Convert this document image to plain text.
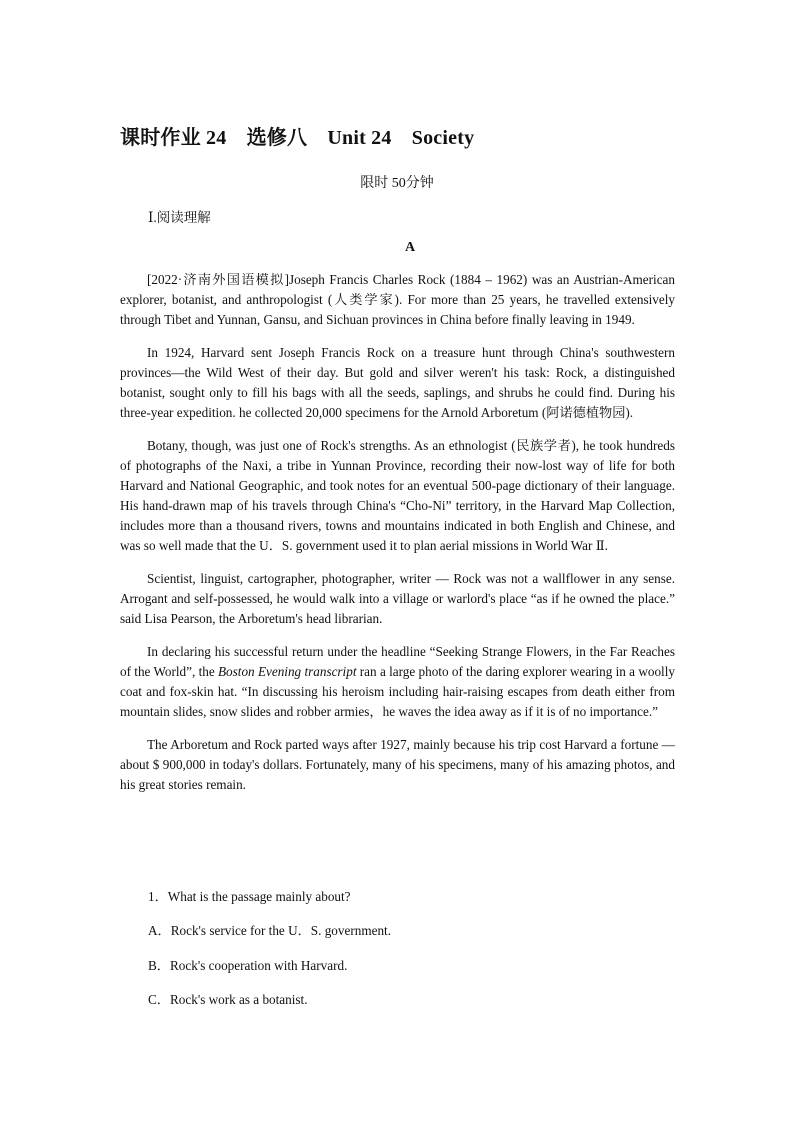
课时作业 24　选修八　Unit 24　Society
限时 50分钟
Ⅰ.阅读理解
A

[2022·济南外国语模拟]Joseph Francis Charles Rock (1884 – 1962) was an Austrian-American explorer, botanist, and anthropologist (人类学家). For more than 25 years, he travelled extensively through Tibet and Yunnan, Gansu, and Sichuan provinces in China before finally leaving in 1949.

In 1924, Harvard sent Joseph Francis Rock on a treasure hunt through China's southwestern provinces—the Wild West of their day. But gold and silver weren't his task: Rock, a distinguished botanist, sought only to fill his bags with all the seeds, saplings, and shrubs he could find. During his three-year expedition. he collected 20,000 specimens for the Arnold Arboretum (阿诺德植物园).

Botany, though, was just one of Rock's strengths. As an ethnologist (民族学者), he took hundreds of photographs of the Naxi, a tribe in Yunnan Province, recording their now-lost way of life for both Harvard and National Geographic, and took notes for an eventual 500-page dictionary of their language. His hand-drawn map of his travels through China's “Cho-Ni” territory, in the Harvard Map Collection, includes more than a thousand rivers, towns and mountains indicated in both English and Chinese, and was so well made that the U．S. government used it to plan aerial missions in World War Ⅱ.

Scientist, linguist, cartographer, photographer, writer — Rock was not a wallflower in any sense. Arrogant and self-possessed, he would walk into a village or warlord's place “as if he owned the place.” said Lisa Pearson, the Arboretum's head librarian.

In declaring his successful return under the headline “Seeking Strange Flowers, in the Far Reaches of the World”, the Boston Evening transcript ran a large photo of the daring explorer wearing in a woolly coat and fox-skin hat. “In discussing his heroism including hair-raising escapes from death either from mountain slides, snow slides and robber armies，he waves the idea away as if it is of no importance.”

The Arboretum and Rock parted ways after 1927, mainly because his trip cost Harvard a fortune — about $ 900,000 in today's dollars. Fortunately, many of his specimens, many of his amazing photos, and his great stories remain.

1．What is the passage mainly about?
A．Rock's service for the U．S. government.
B．Rock's cooperation with Harvard.
C．Rock's work as a botanist.
